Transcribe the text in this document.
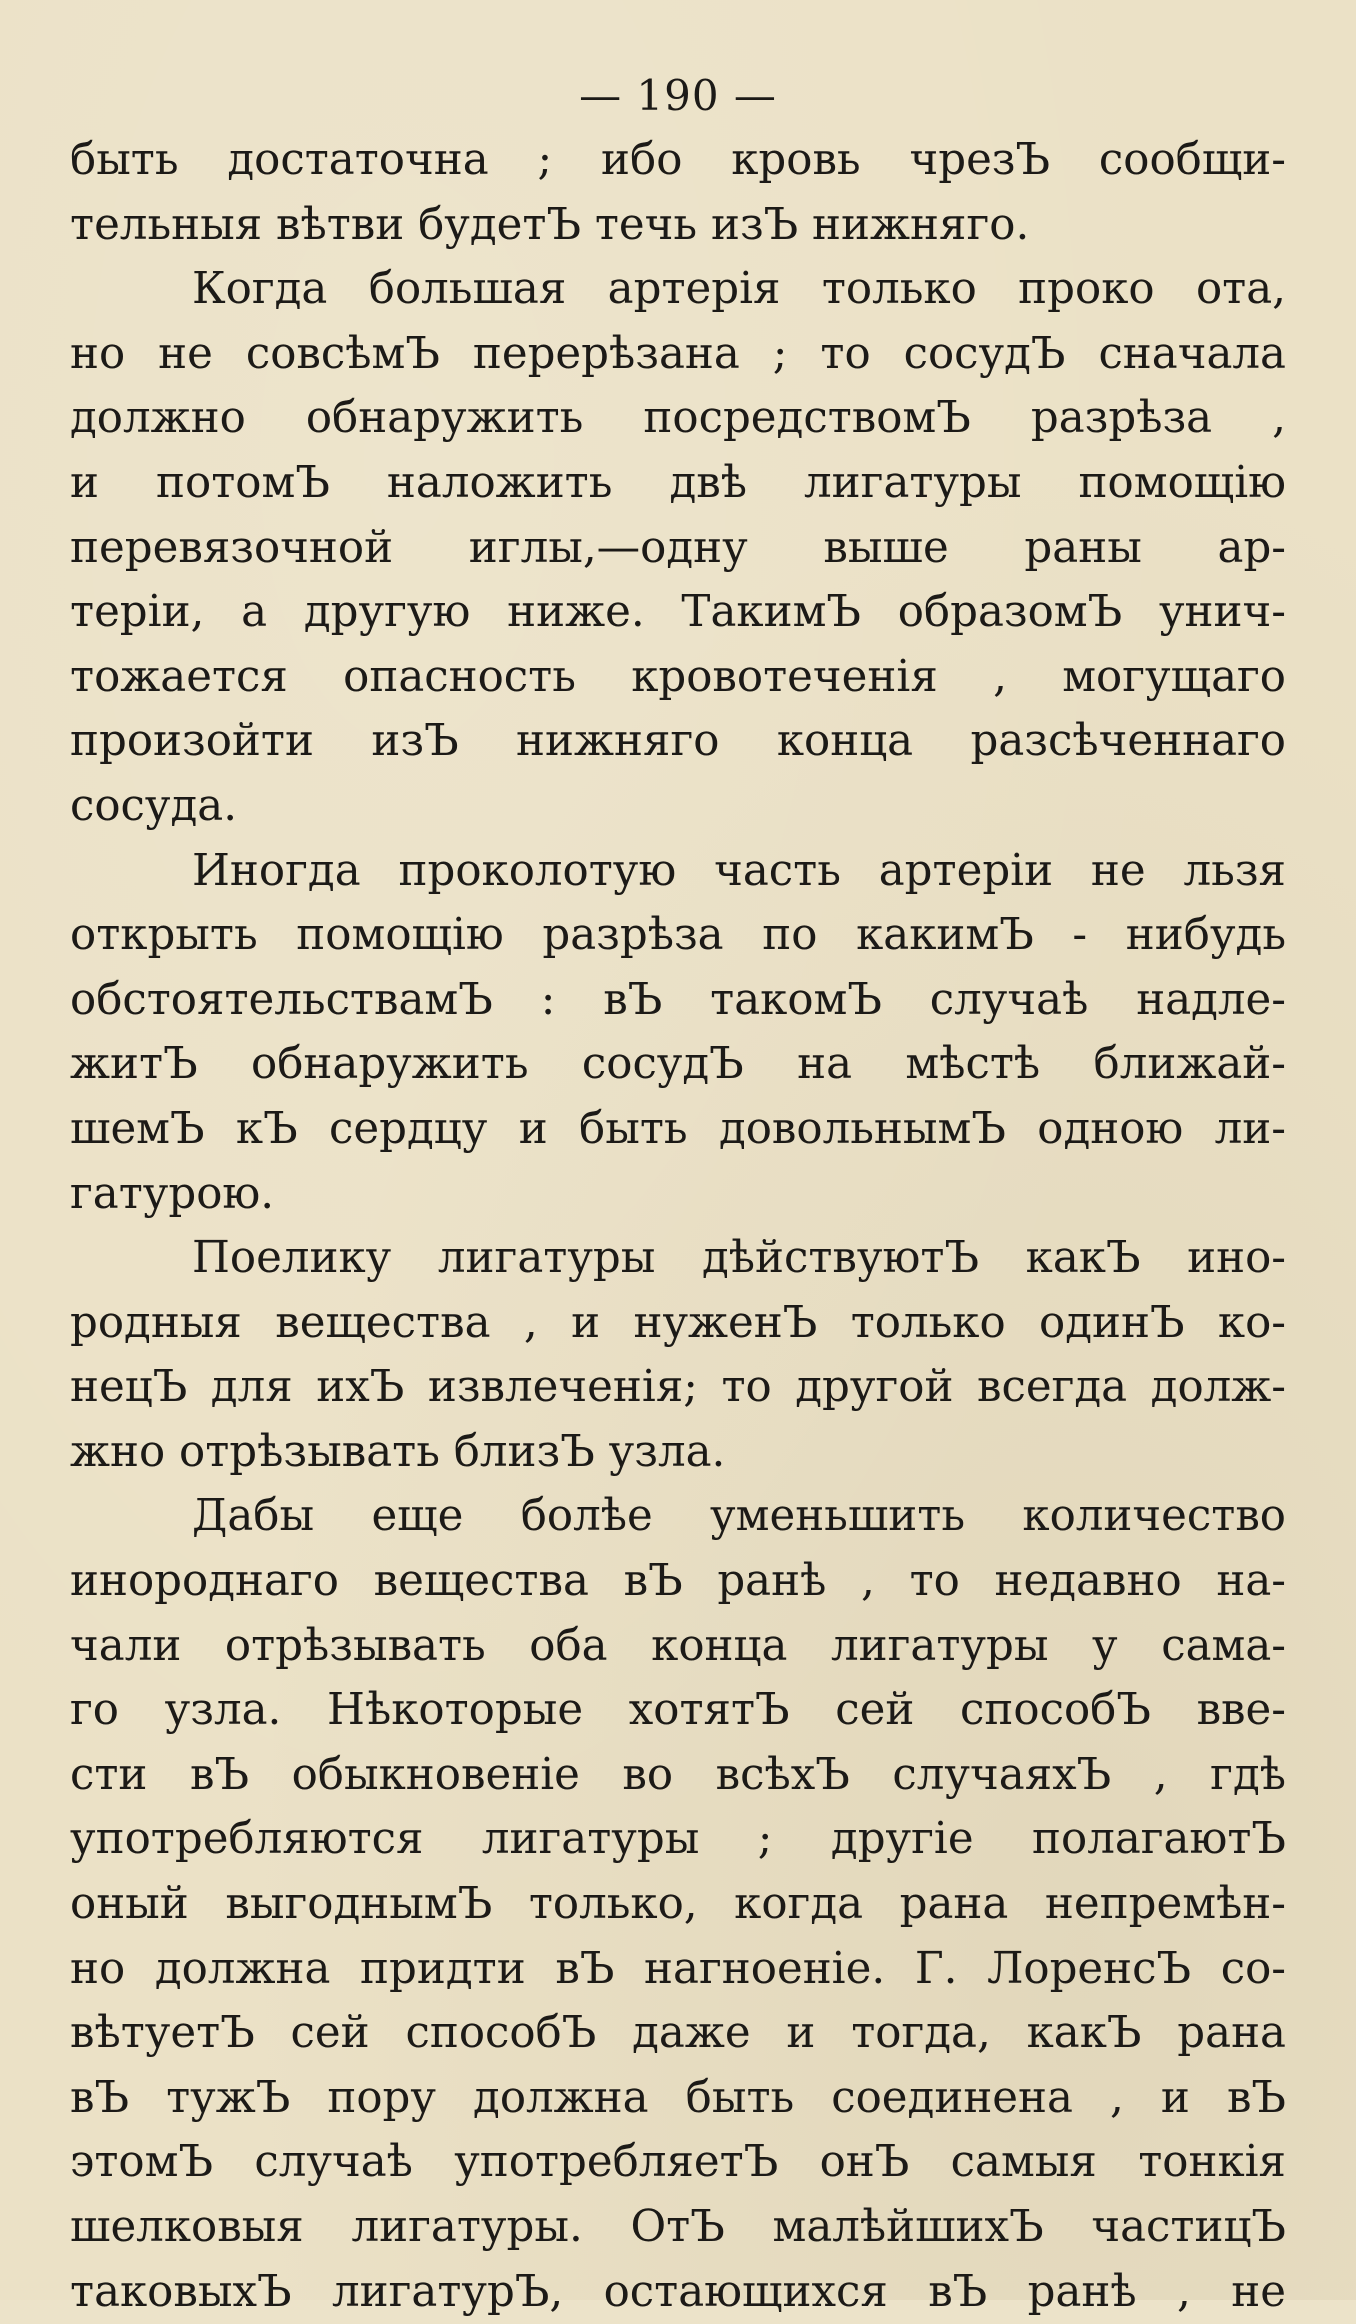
— 190 —
быть достаточна ; ибо кровь чрезЪ сообщи-
тельныя вѣтви будетЪ течь изЪ нижняго.
Когда большая артерія только проко ота,
но не совсѣмЪ перерѣзана ; то сосудЪ сначала
должно обнаружить посредствомЪ разрѣза ,
и потомЪ наложить двѣ лигатуры помощію
перевязочной иглы,—одну выше раны ар-
теріи, а другую ниже. ТакимЪ образомЪ унич-
тожается опасность кровотеченія , могущаго
произойти изЪ нижняго конца разсѣченнаго
сосуда.
Иногда проколотую часть артеріи не льзя
открыть помощію разрѣза по какимЪ - нибудь
обстоятельствамЪ : вЪ такомЪ случаѣ надле-
житЪ обнаружить сосудЪ на мѣстѣ ближай-
шемЪ кЪ сердцу и быть довольнымЪ одною ли-
гатурою.
Поелику лигатуры дѣйствуютЪ какЪ ино-
родныя вещества , и нуженЪ только одинЪ ко-
нецЪ для ихЪ извлеченія; то другой всегда долж-
жно отрѣзывать близЪ узла.
Дабы еще болѣе уменьшить количество
инороднаго вещества вЪ ранѣ , то недавно на-
чали отрѣзывать оба конца лигатуры у сама-
го узла. Нѣкоторые хотятЪ сей способЪ вве-
сти вЪ обыкновеніе во всѣхЪ случаяхЪ , гдѣ
употребляются лигатуры ; другіе полагаютЪ
оный выгоднымЪ только, когда рана непремѣн-
но должна придти вЪ нагноеніе. Г. ЛоренсЪ со-
вѣтуетЪ сей способЪ даже и тогда, какЪ рана
вЪ тужЪ пору должна быть соединена , и вЪ
этомЪ случаѣ употребляетЪ онЪ самыя тонкія
шелковыя лигатуры. ОтЪ малѣйшихЪ частицЪ
таковыхЪ лигатурЪ, остающихся вЪ ранѣ , не
